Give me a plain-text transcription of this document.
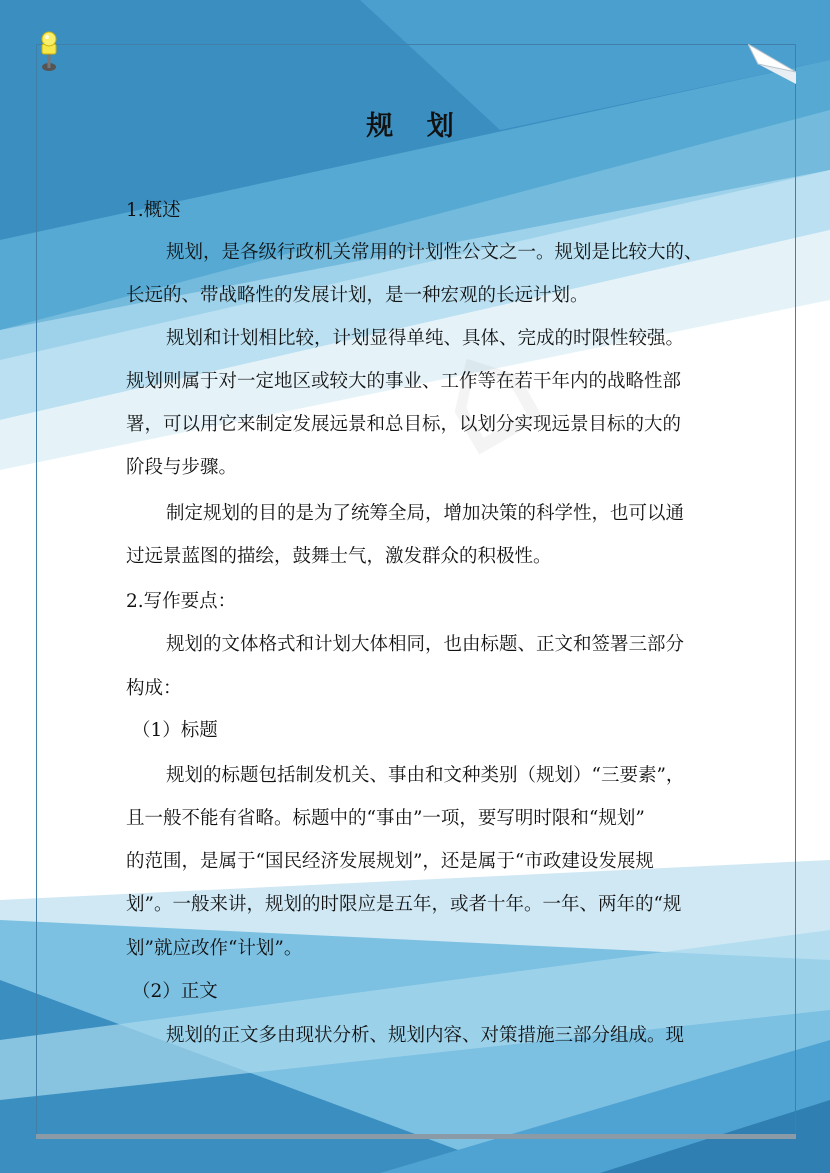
规 划
1.概述
规划，是各级行政机关常用的计划性公文之一。规划是比较大的、
长远的、带战略性的发展计划，是一种宏观的长远计划。
规划和计划相比较，计划显得单纯、具体、完成的时限性较强。
规划则属于对一定地区或较大的事业、工作等在若干年内的战略性部
署，可以用它来制定发展远景和总目标，以划分实现远景目标的大的
阶段与步骤。
制定规划的目的是为了统筹全局，增加决策的科学性，也可以通
过远景蓝图的描绘，鼓舞士气，激发群众的积极性。
2.写作要点：
规划的文体格式和计划大体相同，也由标题、正文和签署三部分
构成：
（1）标题
规划的标题包括制发机关、事由和文种类别（规划）“三要素”，
且一般不能有省略。标题中的“事由”一项，要写明时限和“规划”
的范围，是属于“国民经济发展规划”，还是属于“市政建设发展规
划”。一般来讲，规划的时限应是五年，或者十年。一年、两年的“规
划”就应改作“计划”。
（2）正文
规划的正文多由现状分析、规划内容、对策措施三部分组成。现
